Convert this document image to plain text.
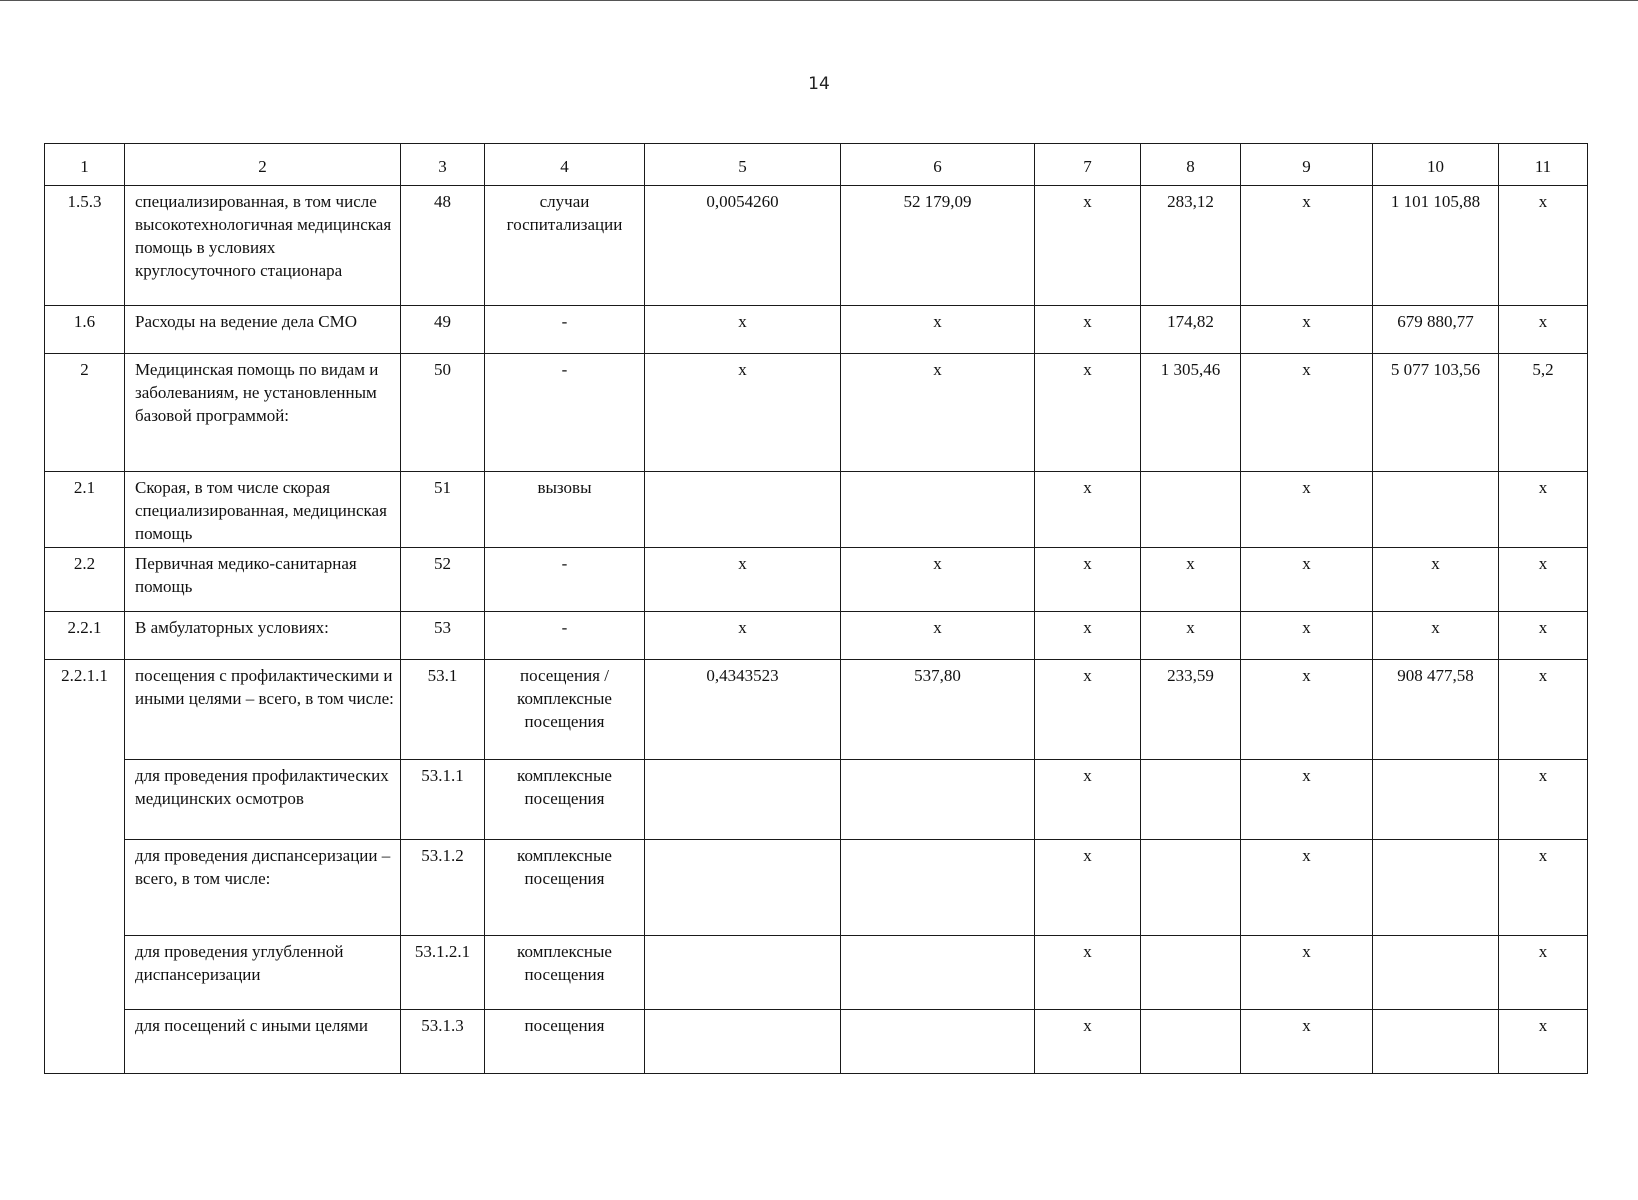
14
1	2	3	4	5	6	7	8	9	10	11
1.5.3	специализированная, в том числе высокотехнологичная медицинская помощь в условиях круглосуточного стационара	48	случаи госпитализации	0,0054260	52 179,09	x	283,12	x	1 101 105,88	x
1.6	Расходы на ведение дела СМО	49	-	x	x	x	174,82	x	679 880,77	x
2	Медицинская помощь по видам и заболеваниям, не установленным базовой программой:	50	-	x	x	x	1 305,46	x	5 077 103,56	5,2
2.1	Скорая, в том числе скорая специализированная, медицинская помощь	51	вызовы			x		x		x
2.2	Первичная медико-санитарная помощь	52	-	x	x	x	x	x	x	x
2.2.1	В амбулаторных условиях:	53	-	x	x	x	x	x	x	x
2.2.1.1	посещения с профилактическими и иными целями – всего, в том числе:	53.1	посещения / комплексные посещения	0,4343523	537,80	x	233,59	x	908 477,58	x
	для проведения профилактических медицинских осмотров	53.1.1	комплексные посещения			x		x		x
	для проведения диспансеризации – всего, в том числе:	53.1.2	комплексные посещения			x		x		x
	для проведения углубленной диспансеризации	53.1.2.1	комплексные посещения			x		x		x
	для посещений с иными целями	53.1.3	посещения			x		x		x
